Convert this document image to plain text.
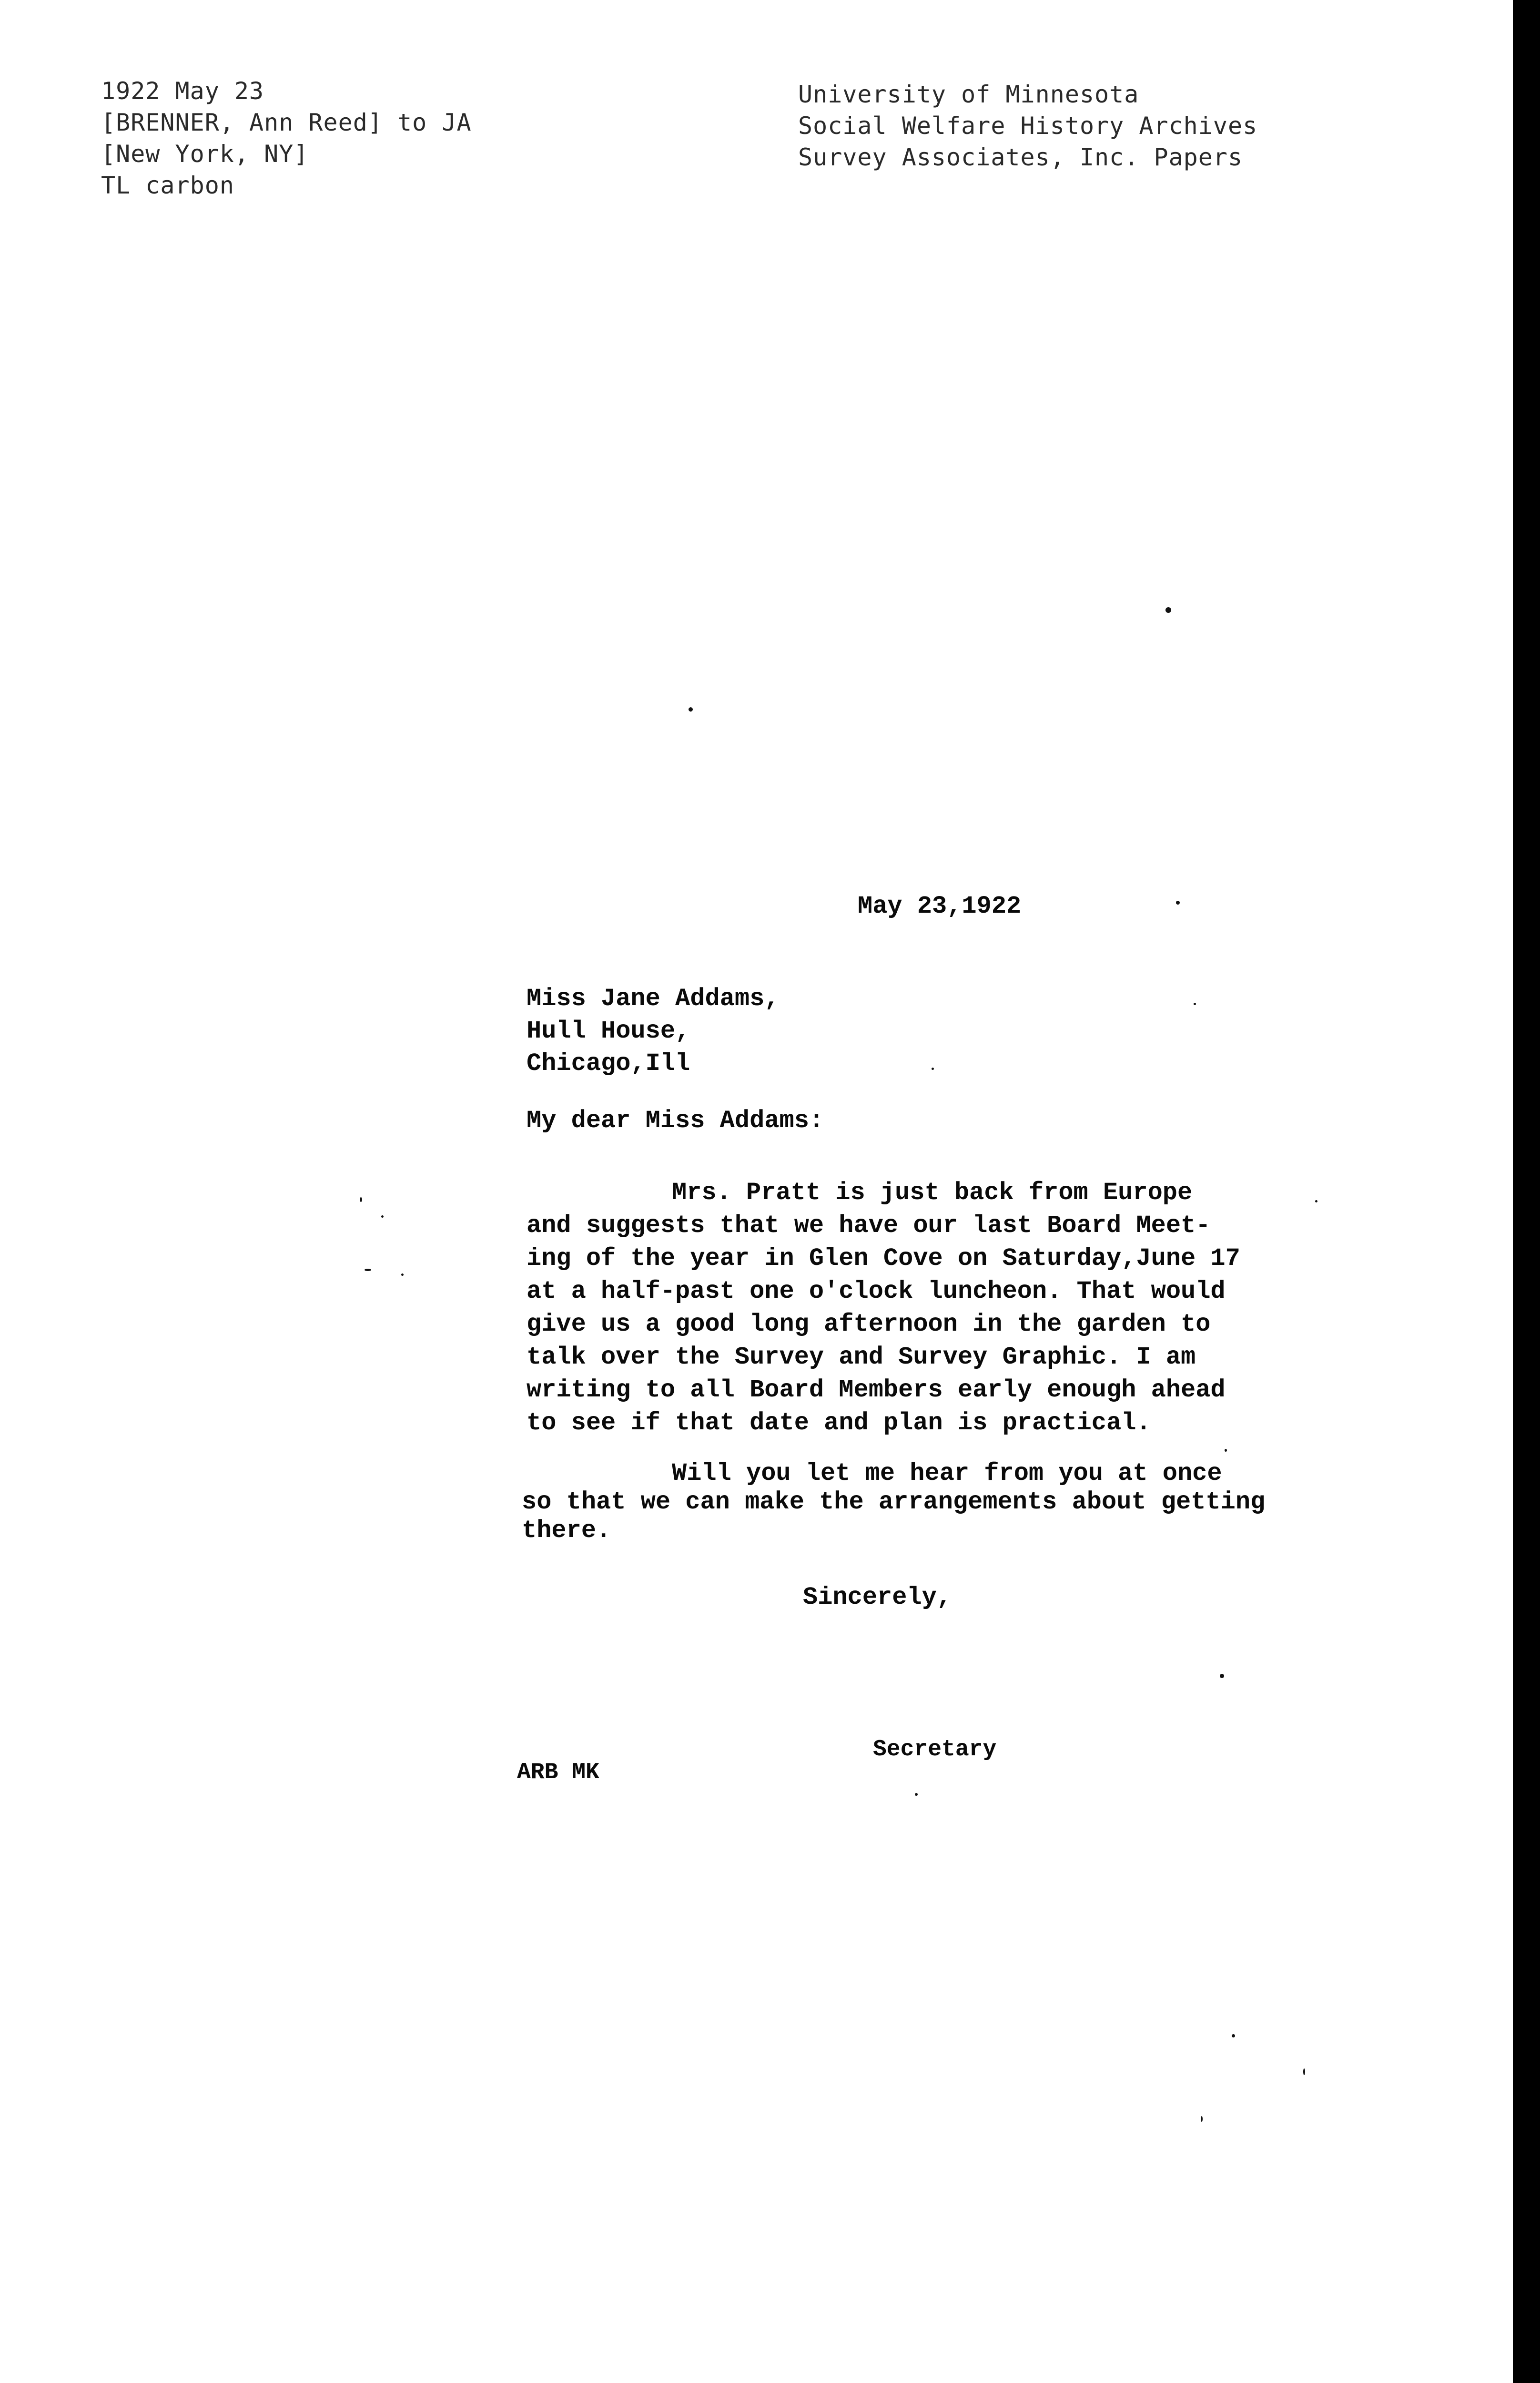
1922 May 23
[BRENNER, Ann Reed] to JA
[New York, NY]
TL carbon
University of Minnesota
Social Welfare History Archives
Survey Associates, Inc. Papers
May 23,1922
Miss Jane Addams,
Hull House,
Chicago,Ill
My dear Miss Addams:
Mrs. Pratt is just back from Europe
and suggests that we have our last Board Meet-
ing of the year in Glen Cove on Saturday,June 17
at a half-past one o'clock luncheon. That would
give us a good long afternoon in the garden to
talk over the Survey and Survey Graphic. I am
writing to all Board Members early enough ahead
to see if that date and plan is practical.
Will you let me hear from you at once
so that we can make the arrangements about getting
there.
Sincerely,
Secretary
ARB MK
